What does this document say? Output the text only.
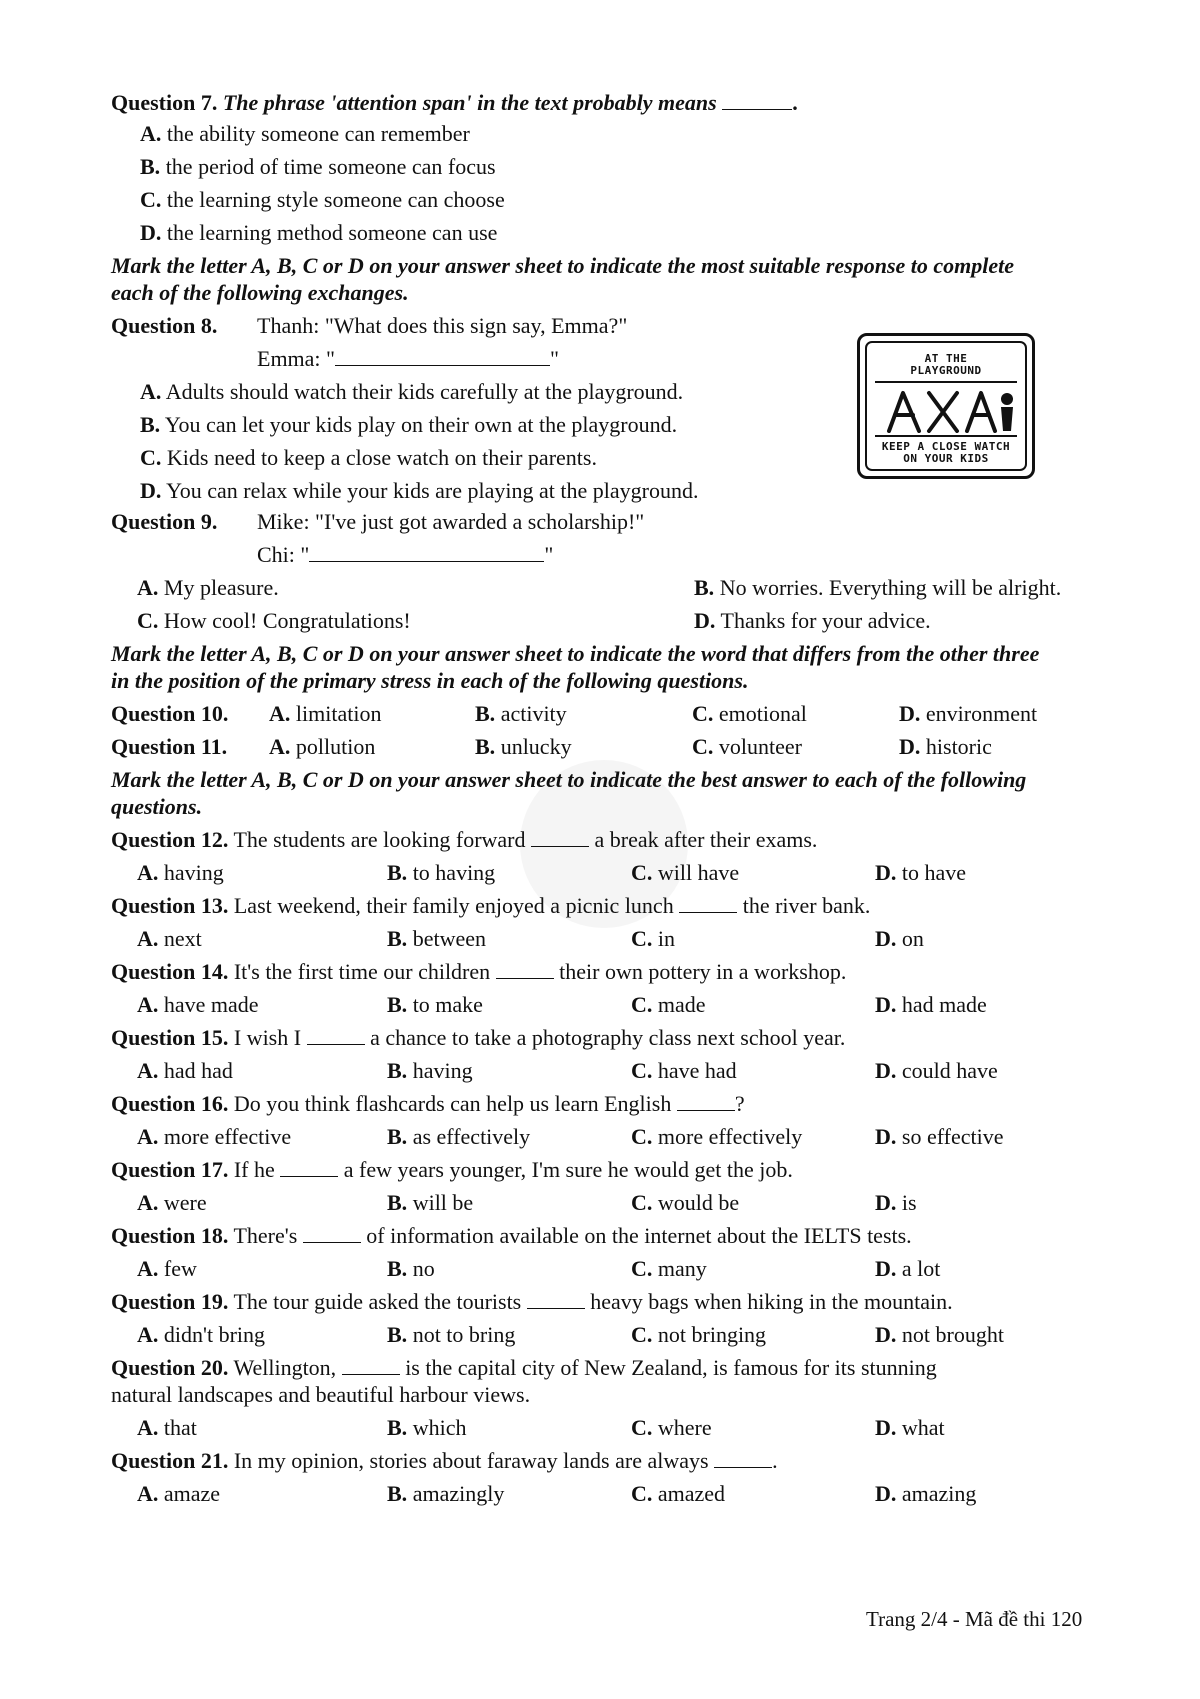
Question 7. The phrase 'attention span' in the text probably means	.
A. the ability someone can remember
B. the period of time someone can focus
C. the learning style someone can choose
D. the learning method someone can use
Mark the letter A, B, C or D on your answer sheet to indicate the most suitable response to complete
each of the following exchanges.
Question 8. Thanh: "What does this sign say, Emma?"
Emma: "	"
A. Adults should watch their kids carefully at the playground.
B. You can let your kids play on their own at the playground.
C. Kids need to keep a close watch on their parents.
D. You can relax while your kids are playing at the playground.
AT THE
PLAYGROUND
KEEP A CLOSE WATCH
ON YOUR KIDS
Question 9. Mike: "I've just got awarded a scholarship!"
Chi: "	"
A. My pleasure.	B. No worries. Everything will be alright.
C. How cool! Congratulations!	D. Thanks for your advice.
Mark the letter A, B, C or D on your answer sheet to indicate the word that differs from the other three
in the position of the primary stress in each of the following questions.
Question 10. A. limitation	B. activity	C. emotional	D. environment
Question 11. A. pollution	B. unlucky	C. volunteer	D. historic
Mark the letter A, B, C or D on your answer sheet to indicate the best answer to each of the following
questions.
Question 12. The students are looking forward	a break after their exams.
A. having	B. to having	C. will have	D. to have
Question 13. Last weekend, their family enjoyed a picnic lunch	the river bank.
A. next	B. between	C. in	D. on
Question 14. It's the first time our children	their own pottery in a workshop.
A. have made	B. to make	C. made	D. had made
Question 15. I wish I	a chance to take a photography class next school year.
A. had had	B. having	C. have had	D. could have
Question 16. Do you think flashcards can help us learn English	?
A. more effective	B. as effectively	C. more effectively	D. so effective
Question 17. If he	a few years younger, I'm sure he would get the job.
A. were	B. will be	C. would be	D. is
Question 18. There's	of information available on the internet about the IELTS tests.
A. few	B. no	C. many	D. a lot
Question 19. The tour guide asked the tourists	heavy bags when hiking in the mountain.
A. didn't bring	B. not to bring	C. not bringing	D. not brought
Question 20. Wellington,	is the capital city of New Zealand, is famous for its stunning
natural landscapes and beautiful harbour views.
A. that	B. which	C. where	D. what
Question 21. In my opinion, stories about faraway lands are always	.
A. amaze	B. amazingly	C. amazed	D. amazing
Trang 2/4 - Mã đề thi 120
